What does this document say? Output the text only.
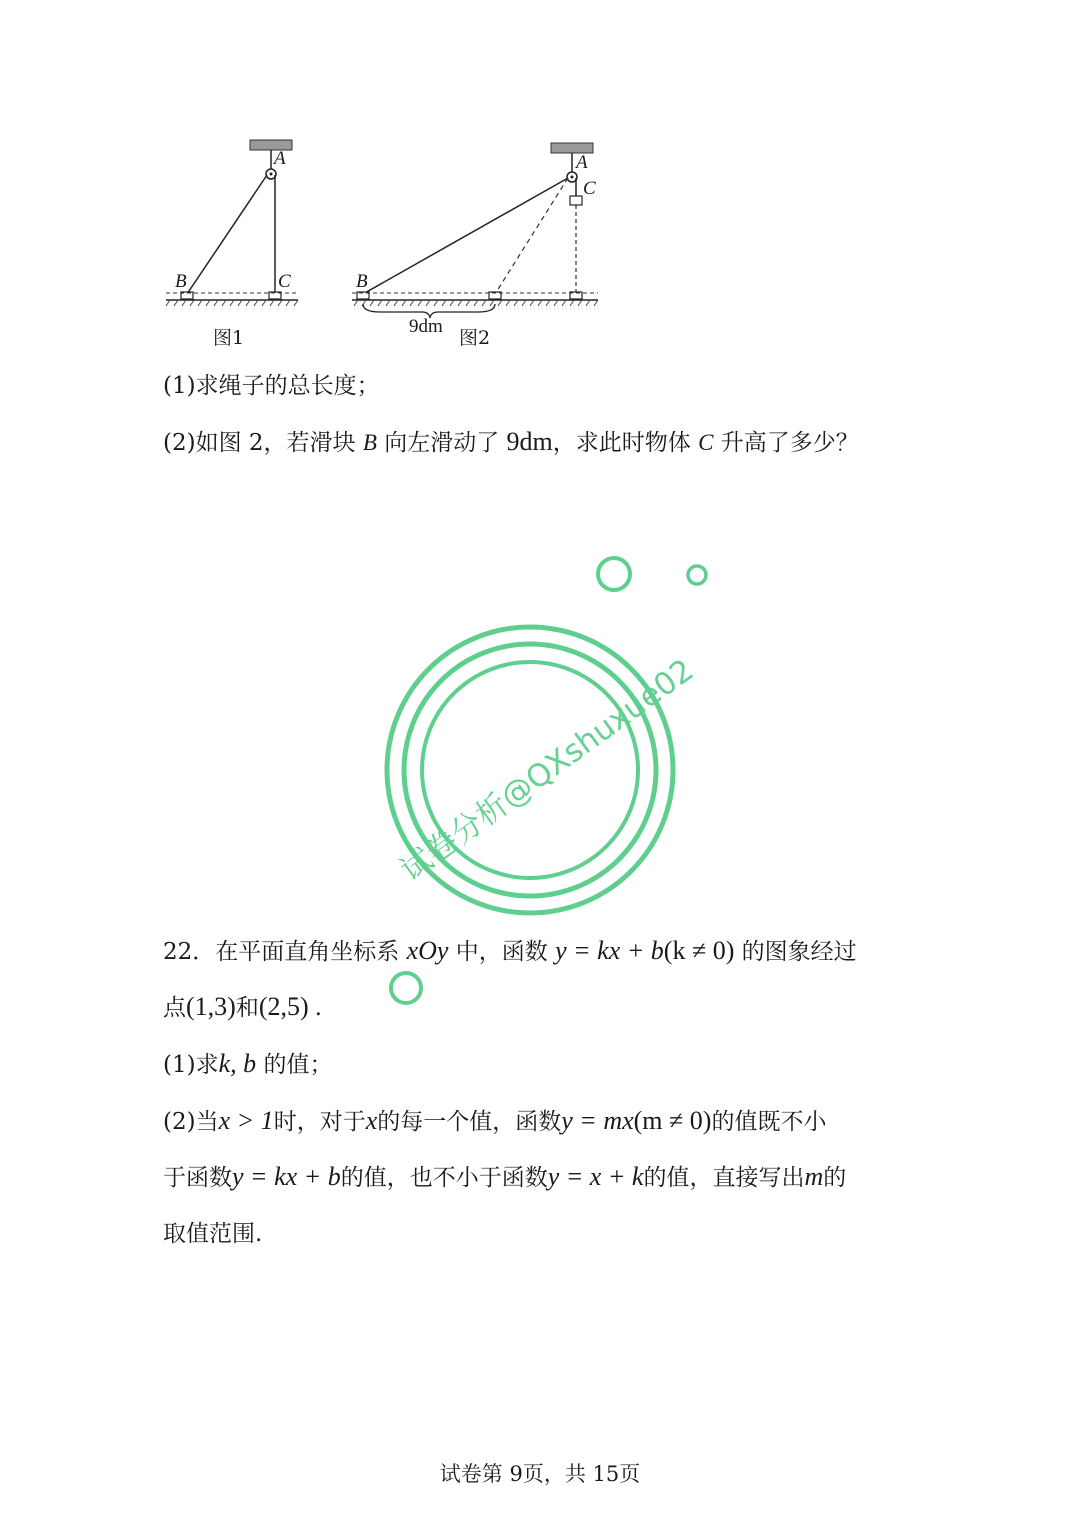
A
B	C
图1
A
B
C
9dm
图2
(1)求绳子的总长度；
(2)如图 2，若滑块 B 向左滑动了 9dm，求此时物体 C 升高了多少？
试卷分析@QXshuxue02
22．在平面直角坐标系 xOy 中，函数 y = kx + b(k ≠ 0) 的图象经过
点(1,3)和(2,5) .
(1)求k, b 的值；
(2)当x > 1时，对于x的每一个值，函数y = mx(m ≠ 0)的值既不小
于函数y = kx + b的值，也不小于函数y = x + k的值，直接写出m的
取值范围.
试卷第 9页，共 15页
